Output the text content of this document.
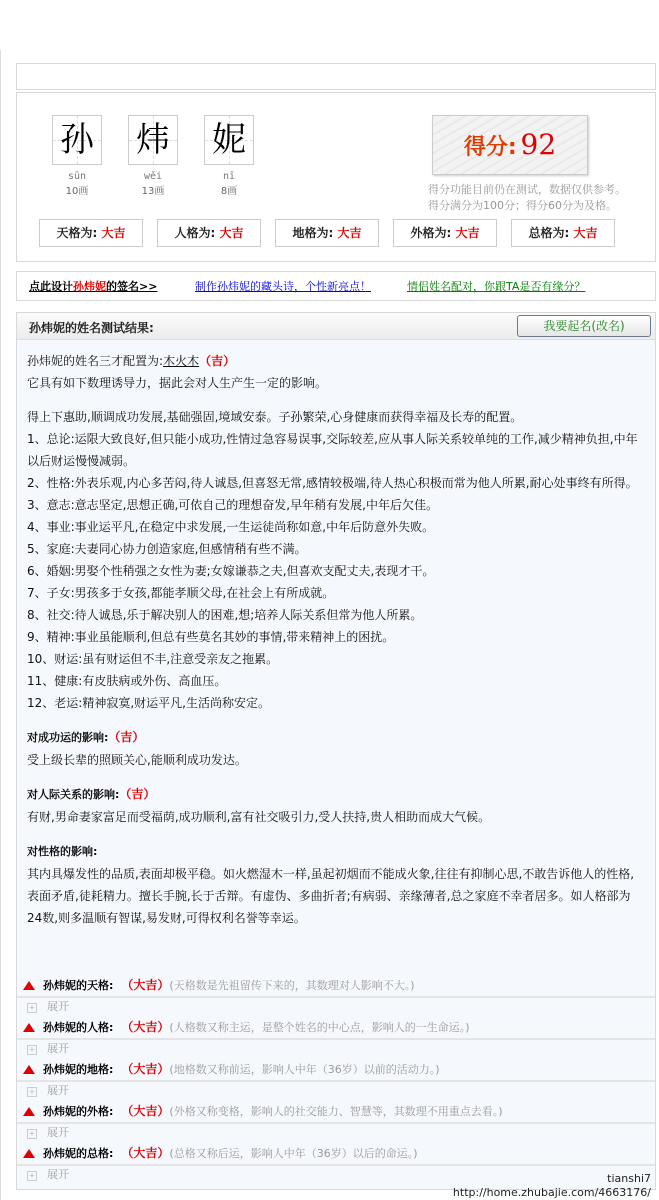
孙
sūn
10画
炜
wěi
13画
妮
nī
8画
得分: 92
得分功能目前仍在测试，数据仅供参考。
得分满分为100分；得分60分为及格。
天格为: 大吉	人格为: 大吉	地格为: 大吉	外格为: 大吉	总格为: 大吉
点此设计孙炜妮的签名>>	制作孙炜妮的藏头诗，个性新亮点！	情侣姓名配对，你跟TA是否有缘分？
孙炜妮的姓名测试结果:	我要起名(改名)

孙炜妮的姓名三才配置为:木火木（吉）

它具有如下数理诱导力，据此会对人生产生一定的影响。

得上下惠助,顺调成功发展,基础强固,境域安泰。子孙繁荣,心身健康而获得幸福及长寿的配置。

1、总论:运限大致良好,但只能小成功,性情过急容易误事,交际较差,应从事人际关系较单纯的工作,减少精神负担,中年以后财运慢慢减弱。

2、性格:外表乐观,内心多苦闷,待人诚恳,但喜怒无常,感情较极端,待人热心积极而常为他人所累,耐心处事终有所得。

3、意志:意志坚定,思想正确,可依自己的理想奋发,早年稍有发展,中年后欠佳。

4、事业:事业运平凡,在稳定中求发展,一生运徒尚称如意,中年后防意外失败。

5、家庭:夫妻同心协力创造家庭,但感情稍有些不满。

6、婚姻:男娶个性稍强之女性为妻;女嫁谦恭之夫,但喜欢支配丈夫,表现才干。

7、子女:男孩多于女孩,都能孝顺父母,在社会上有所成就。

8、社交:待人诚恳,乐于解决别人的困难,想;培养人际关系但常为他人所累。

9、精神:事业虽能顺利,但总有些莫名其妙的事情,带来精神上的困扰。

10、财运:虽有财运但不丰,注意受亲友之拖累。

11、健康:有皮肤病或外伤、高血压。

12、老运:精神寂寞,财运平凡,生活尚称安定。

对成功运的影响:（吉）

受上级长辈的照顾关心,能顺利成功发达。

对人际关系的影响:（吉）

有财,男命妻家富足而受福荫,成功顺利,富有社交吸引力,受人扶持,贵人相助而成大气候。

对性格的影响:

其内具爆发性的品质,表面却极平稳。如火燃湿木一样,虽起初烟而不能成火象,往往有抑制心思,不敢告诉他人的性格,表面矛盾,徒耗精力。擅长手腕,长于舌辩。有虚伪、多曲折者;有病弱、亲缘薄者,总之家庭不幸者居多。如人格部为24数,则多温顺有智谋,易发财,可得权利名誉等幸运。

孙炜妮的天格: （大吉）(天格数是先祖留传下来的，其数理对人影响不大。)
+ 展开
孙炜妮的人格: （大吉）(人格数又称主运，是整个姓名的中心点，影响人的一生命运。)
+ 展开
孙炜妮的地格: （大吉）(地格数又称前运，影响人中年（36岁）以前的活动力。)
+ 展开
孙炜妮的外格: （大吉）(外格又称变格，影响人的社交能力、智慧等，其数理不用重点去看。)
+ 展开
孙炜妮的总格: （大吉）(总格又称后运，影响人中年（36岁）以后的命运。)
+ 展开	tianshi7
http://home.zhubajie.com/4663176/
